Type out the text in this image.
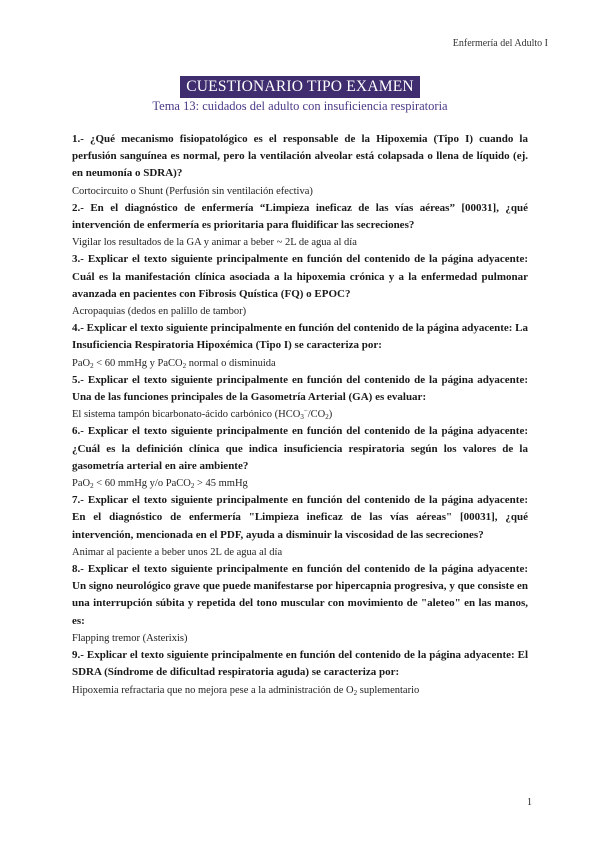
Enfermería del Adulto I
CUESTIONARIO TIPO EXAMEN
Tema 13: cuidados del adulto con insuficiencia respiratoria

1.- ¿Qué mecanismo fisiopatológico es el responsable de la Hipoxemia (Tipo I) cuando la perfusión sanguínea es normal, pero la ventilación alveolar está colapsada o llena de líquido (ej. en neumonía o SDRA)?

Cortocircuito o Shunt (Perfusión sin ventilación efectiva)

2.- En el diagnóstico de enfermería “Limpieza ineficaz de las vías aéreas” [00031], ¿qué intervención de enfermería es prioritaria para fluidificar las secreciones?

Vigilar los resultados de la GA y animar a beber ~ 2L de agua al día

3.- Explicar el texto siguiente principalmente en función del contenido de la página adyacente: Cuál es la manifestación clínica asociada a la hipoxemia crónica y a la enfermedad pulmonar avanzada en pacientes con Fibrosis Quística (FQ) o EPOC?

Acropaquias (dedos en palillo de tambor)

4.- Explicar el texto siguiente principalmente en función del contenido de la página adyacente: La Insuficiencia Respiratoria Hipoxémica (Tipo I) se caracteriza por:

PaO$_2$ < 60 mmHg y PaCO$_2$ normal o disminuida

5.- Explicar el texto siguiente principalmente en función del contenido de la página adyacente: Una de las funciones principales de la Gasometría Arterial (GA) es evaluar:

El sistema tampón bicarbonato-ácido carbónico $(HCO_3^-/CO_2)$

6.- Explicar el texto siguiente principalmente en función del contenido de la página adyacente: ¿Cuál es la definición clínica que indica insuficiencia respiratoria según los valores de la gasometría arterial en aire ambiente?

PaO$_2$ < 60 mmHg y/o PaCO$_2$ > 45 mmHg

7.- Explicar el texto siguiente principalmente en función del contenido de la página adyacente: En el diagnóstico de enfermería "Limpieza ineficaz de las vías aéreas" [00031], ¿qué intervención, mencionada en el PDF, ayuda a disminuir la viscosidad de las secreciones?

Animar al paciente a beber unos 2L de agua al día

8.- Explicar el texto siguiente principalmente en función del contenido de la página adyacente: Un signo neurológico grave que puede manifestarse por hipercapnia progresiva, y que consiste en una interrupción súbita y repetida del tono muscular con movimiento de "aleteo" en las manos, es:

Flapping tremor (Asterixis)

9.- Explicar el texto siguiente principalmente en función del contenido de la página adyacente: El SDRA (Síndrome de dificultad respiratoria aguda) se caracteriza por:

Hipoxemia refractaria que no mejora pese a la administración de $O_2$ suplementario

1
